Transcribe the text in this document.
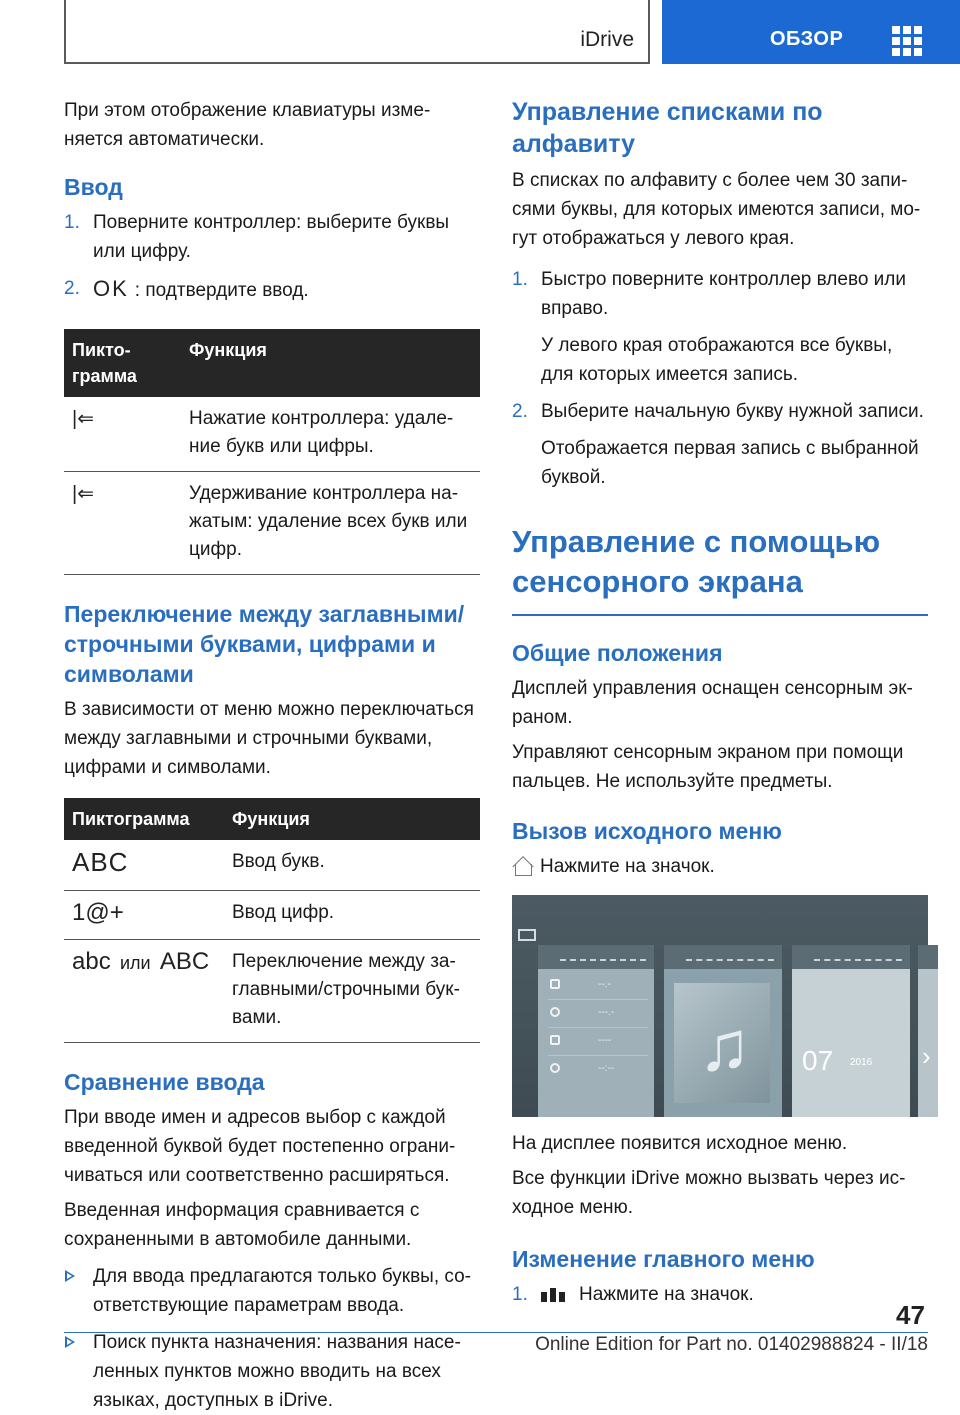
iDrive	ОБЗОР

При этом отображение клавиатуры изменяется автоматически.

Ввод
1. Поверните контроллер: выберите буквы или цифру.
2. OK : подтвердите ввод.
Пиктограмма	Функция
|⇐	Нажатие контроллера: удаление букв или цифры.
|⇐	Удерживание контроллера нажатым: удаление всех букв или цифр.
Переключение между заглавными/ строчными буквами, цифрами и символами

В зависимости от меню можно переключаться между заглавными и строчными буквами, цифрами и символами.

Пиктограмма	Функция
ABC	Ввод букв.
1@+	Ввод цифр.
abc или ABC	Переключение между заглавными/строчными буквами.
Сравнение ввода

При вводе имен и адресов выбор с каждой введенной буквой будет постепенно ограничиваться или соответственно расширяться.

Введенная информация сравнивается с сохраненными в автомобиле данными.

Для ввода предлагаются только буквы, соответствующие параметрам ввода.
Поиск пункта назначения: названия населенных пунктов можно вводить на всех языках, доступных в iDrive.
Управление списками по алфавиту

В списках по алфавиту с более чем 30 записями буквы, для которых имеются записи, могут отображаться у левого края.

1. Быстро поверните контроллер влево или вправо.
У левого края отображаются все буквы, для которых имеется запись.
2. Выберите начальную букву нужной записи.
Отображается первая запись с выбранной буквой.
Управление с помощью сенсорного экрана
Общие положения

Дисплей управления оснащен сенсорным экраном.

Управляют сенсорным экраном при помощи пальцев. Не используйте предметы.

Вызов исходного меню

Нажмите на значок.

--.-
---.-
----
--:-- ♫ 07 2016 ›

На дисплее появится исходное меню.

Все функции iDrive можно вызвать через исходное меню.

Изменение главного меню
1.	Нажмите на значок.
47
Online Edition for Part no. 01402988824 - II/18
